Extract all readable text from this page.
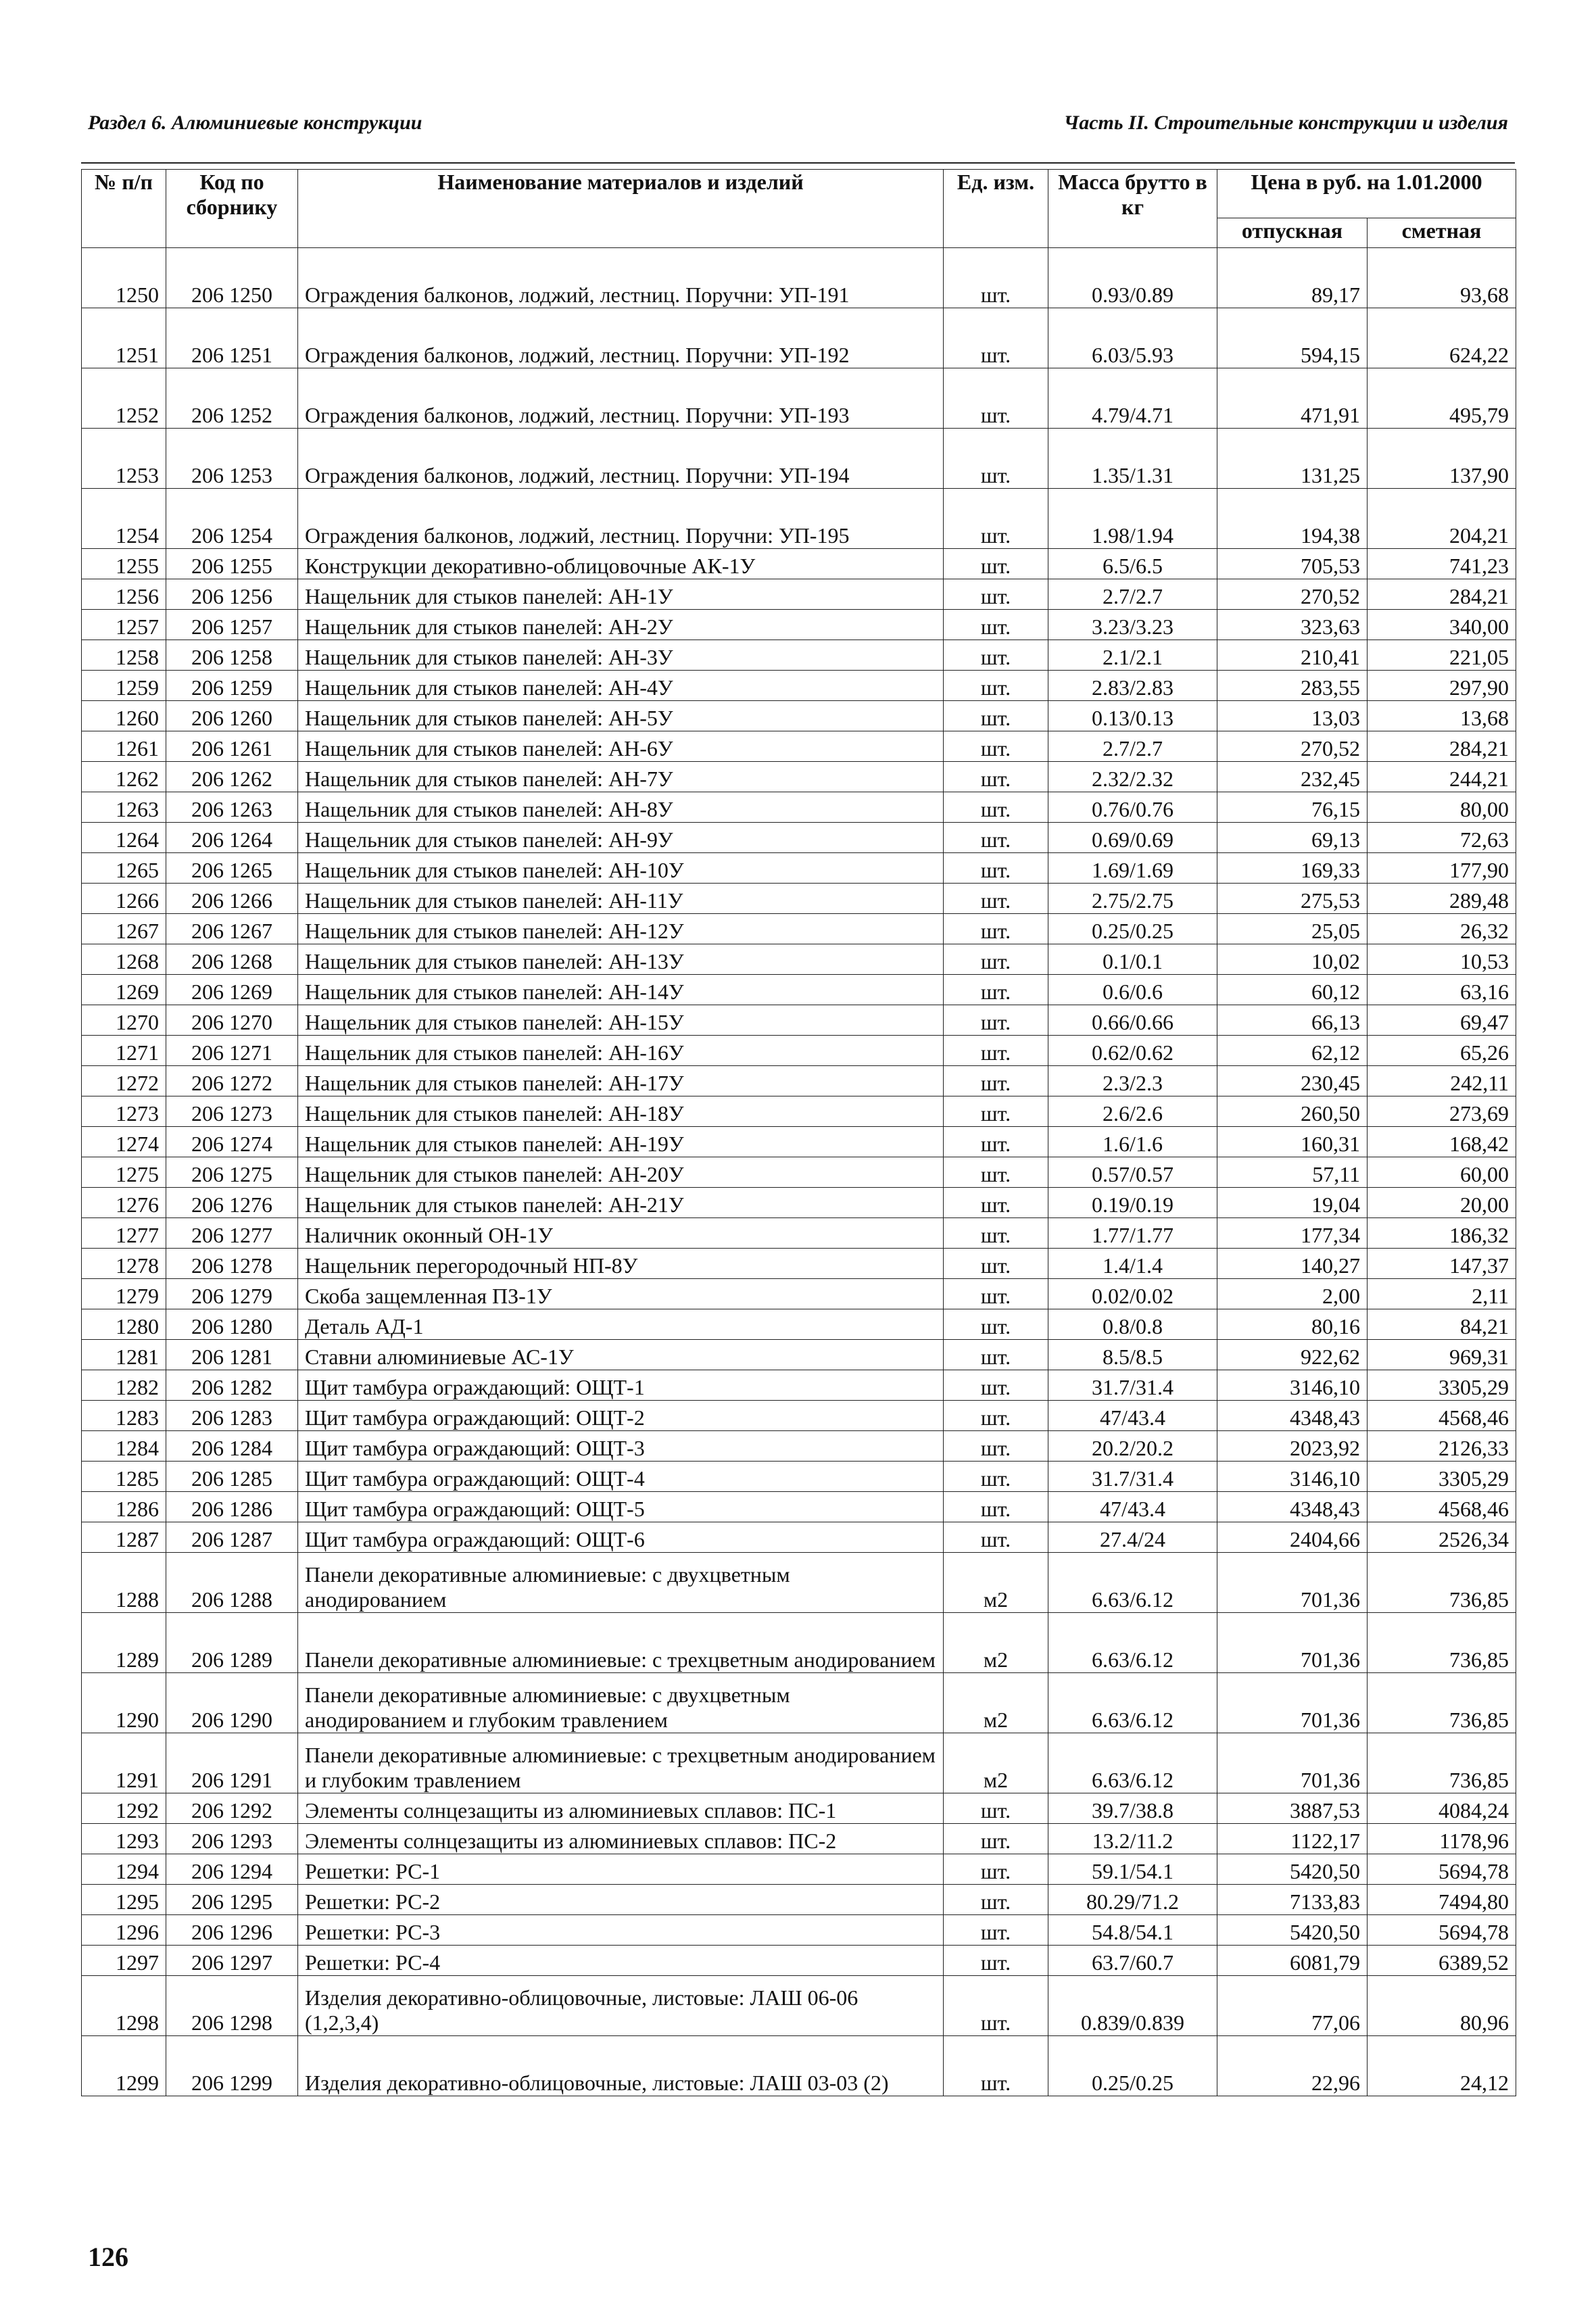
Раздел 6. Алюминиевые конструкции	Часть II. Строительные конструкции и изделия
№ п/п	Код по сборнику	Наименование материалов и изделий	Ед. изм.	Масса брутто в кг	Цена в руб. на 1.01.2000	
					отпускная	сметная
1250	206 1250	Ограждения балконов, лоджий, лестниц. Поручни: УП-191	шт.	0.93/0.89	89,17	93,68
1251	206 1251	Ограждения балконов, лоджий, лестниц. Поручни: УП-192	шт.	6.03/5.93	594,15	624,22
1252	206 1252	Ограждения балконов, лоджий, лестниц. Поручни: УП-193	шт.	4.79/4.71	471,91	495,79
1253	206 1253	Ограждения балконов, лоджий, лестниц. Поручни: УП-194	шт.	1.35/1.31	131,25	137,90
1254	206 1254	Ограждения балконов, лоджий, лестниц. Поручни: УП-195	шт.	1.98/1.94	194,38	204,21
1255	206 1255	Конструкции декоративно-облицовочные АК-1У	шт.	6.5/6.5	705,53	741,23
1256	206 1256	Нащельник для стыков панелей: АН-1У	шт.	2.7/2.7	270,52	284,21
1257	206 1257	Нащельник для стыков панелей: АН-2У	шт.	3.23/3.23	323,63	340,00
1258	206 1258	Нащельник для стыков панелей: АН-3У	шт.	2.1/2.1	210,41	221,05
1259	206 1259	Нащельник для стыков панелей: АН-4У	шт.	2.83/2.83	283,55	297,90
1260	206 1260	Нащельник для стыков панелей: АН-5У	шт.	0.13/0.13	13,03	13,68
1261	206 1261	Нащельник для стыков панелей: АН-6У	шт.	2.7/2.7	270,52	284,21
1262	206 1262	Нащельник для стыков панелей: АН-7У	шт.	2.32/2.32	232,45	244,21
1263	206 1263	Нащельник для стыков панелей: АН-8У	шт.	0.76/0.76	76,15	80,00
1264	206 1264	Нащельник для стыков панелей: АН-9У	шт.	0.69/0.69	69,13	72,63
1265	206 1265	Нащельник для стыков панелей: АН-10У	шт.	1.69/1.69	169,33	177,90
1266	206 1266	Нащельник для стыков панелей: АН-11У	шт.	2.75/2.75	275,53	289,48
1267	206 1267	Нащельник для стыков панелей: АН-12У	шт.	0.25/0.25	25,05	26,32
1268	206 1268	Нащельник для стыков панелей: АН-13У	шт.	0.1/0.1	10,02	10,53
1269	206 1269	Нащельник для стыков панелей: АН-14У	шт.	0.6/0.6	60,12	63,16
1270	206 1270	Нащельник для стыков панелей: АН-15У	шт.	0.66/0.66	66,13	69,47
1271	206 1271	Нащельник для стыков панелей: АН-16У	шт.	0.62/0.62	62,12	65,26
1272	206 1272	Нащельник для стыков панелей: АН-17У	шт.	2.3/2.3	230,45	242,11
1273	206 1273	Нащельник для стыков панелей: АН-18У	шт.	2.6/2.6	260,50	273,69
1274	206 1274	Нащельник для стыков панелей: АН-19У	шт.	1.6/1.6	160,31	168,42
1275	206 1275	Нащельник для стыков панелей: АН-20У	шт.	0.57/0.57	57,11	60,00
1276	206 1276	Нащельник для стыков панелей: АН-21У	шт.	0.19/0.19	19,04	20,00
1277	206 1277	Наличник оконный ОН-1У	шт.	1.77/1.77	177,34	186,32
1278	206 1278	Нащельник перегородочный НП-8У	шт.	1.4/1.4	140,27	147,37
1279	206 1279	Скоба защемленная ПЗ-1У	шт.	0.02/0.02	2,00	2,11
1280	206 1280	Деталь АД-1	шт.	0.8/0.8	80,16	84,21
1281	206 1281	Ставни алюминиевые АС-1У	шт.	8.5/8.5	922,62	969,31
1282	206 1282	Щит тамбура ограждающий: ОЩТ-1	шт.	31.7/31.4	3146,10	3305,29
1283	206 1283	Щит тамбура ограждающий: ОЩТ-2	шт.	47/43.4	4348,43	4568,46
1284	206 1284	Щит тамбура ограждающий: ОЩТ-3	шт.	20.2/20.2	2023,92	2126,33
1285	206 1285	Щит тамбура ограждающий: ОЩТ-4	шт.	31.7/31.4	3146,10	3305,29
1286	206 1286	Щит тамбура ограждающий: ОЩТ-5	шт.	47/43.4	4348,43	4568,46
1287	206 1287	Щит тамбура ограждающий: ОЩТ-6	шт.	27.4/24	2404,66	2526,34
1288	206 1288	Панели декоративные алюминиевые: с двухцветным анодированием	м2	6.63/6.12	701,36	736,85
1289	206 1289	Панели декоративные алюминиевые: с трехцветным анодированием	м2	6.63/6.12	701,36	736,85
1290	206 1290	Панели декоративные алюминиевые: с двухцветным анодированием и глубоким травлением	м2	6.63/6.12	701,36	736,85
1291	206 1291	Панели декоративные алюминиевые: с трехцветным анодированием и глубоким травлением	м2	6.63/6.12	701,36	736,85
1292	206 1292	Элементы солнцезащиты из алюминиевых сплавов: ПС-1	шт.	39.7/38.8	3887,53	4084,24
1293	206 1293	Элементы солнцезащиты из алюминиевых сплавов: ПС-2	шт.	13.2/11.2	1122,17	1178,96
1294	206 1294	Решетки: РС-1	шт.	59.1/54.1	5420,50	5694,78
1295	206 1295	Решетки: РС-2	шт.	80.29/71.2	7133,83	7494,80
1296	206 1296	Решетки: РС-3	шт.	54.8/54.1	5420,50	5694,78
1297	206 1297	Решетки: РС-4	шт.	63.7/60.7	6081,79	6389,52
1298	206 1298	Изделия декоративно-облицовочные, листовые: ЛАШ 06-06 (1,2,3,4)	шт.	0.839/0.839	77,06	80,96
1299	206 1299	Изделия декоративно-облицовочные, листовые: ЛАШ 03-03 (2)	шт.	0.25/0.25	22,96	24,12
126
